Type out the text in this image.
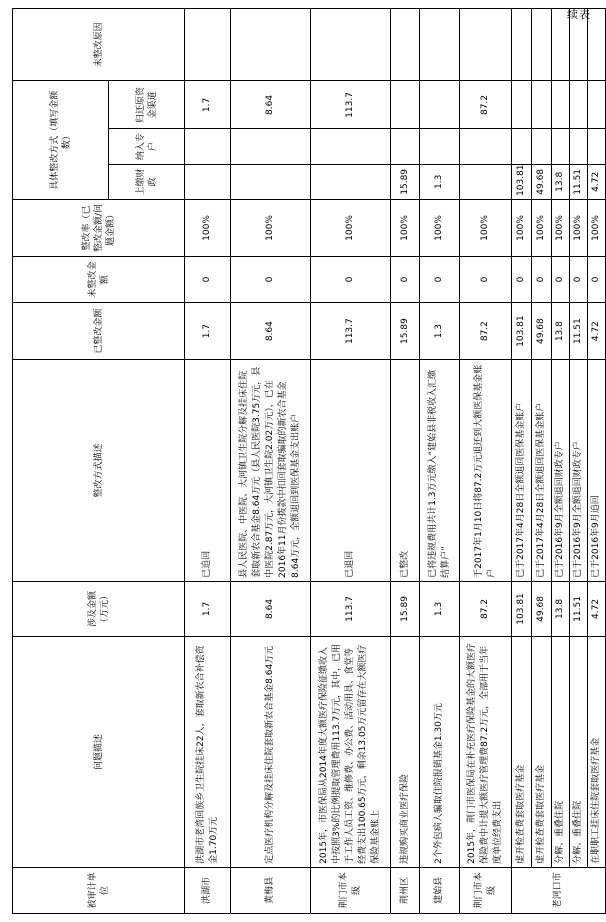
续表
被审计单位	问题描述	涉及金额（万元）	整改方式描述	已整改金额	未整改金额	整改率（已整改金额/问题金额）	具体整改方式（填写金额数）			未整改原因
							上缴财政	纳入专户	归还原资金渠道	
洪湖市	洪湖市老湾回族乡卫生院挂床22人，套取新农合补偿资金1.70万元	1.7	已追回	1.7	0	100%			1.7	
黄梅县	定点医疗机构分解及挂床住院套取新农合基金8.64万元	8.64	县人民医院、中医院、大河镇卫生院分解及挂床住院套取新农合基金8.64万元（县人民医院3.75万元，县中医院2.87万元，大河镇卫生院2.02万元），已在2016年11月份拨款中扣回套取骗取的新农合基金8.64万元，全额退回到医保基金支出账户	8.64	0	100%			8.64	
荆门市本级	2015年，市医保局从2014年度大额医疗保险征缴收入中按照3%的比例提取管理费用113.7万元，其中，已用于工作人员工资、维修费、办公费、活动用具、食堂等经费支出100.65万元，剩余13.05万元留存在大额医疗保险基金账上	113.7	已退回	113.7	0	100%			113.7	
荆州区	违规购买商业医疗保险	15.89	已整改	15.89	0	100%	15.89			
建始县	2个外包病人骗取住院报销基金1.30万元	1.3	已将违规费用共计1.3万元缴入“建始县非税收入汇缴结算户”	1.3	0	100%	1.3			
荆门市本级	2015年，荆门市医保局在补充医疗保险基金的大额医疗保险费中计提大额医疗管理费87.2万元，全部用于当年度单位经费支出	87.2	于2017年1月10日将87.2万元退还到大额医保基金账户	87.2	0	100%			87.2	
老河口市	虚开检查费套取医疗基金	103.81	已于2017年4月28日全额退回医保基金账户	103.81	0	100%	103.81			
	虚开检查费套取医疗基金	49.68	已于2017年4月28日全额退回医保基金账户	49.68	0	100%	49.68			
	分解、重叠住院	13.8	已于2016年9月全额退回财政专户	13.8	0	100%	13.8			
	分解、重叠住院	11.51	已于2016年9月全额退回财政专户	11.51	0	100%	11.51			
	在职职工挂床住院套取医疗基金	4.72	已于2016年9月追回	4.72	0	100%	4.72			
